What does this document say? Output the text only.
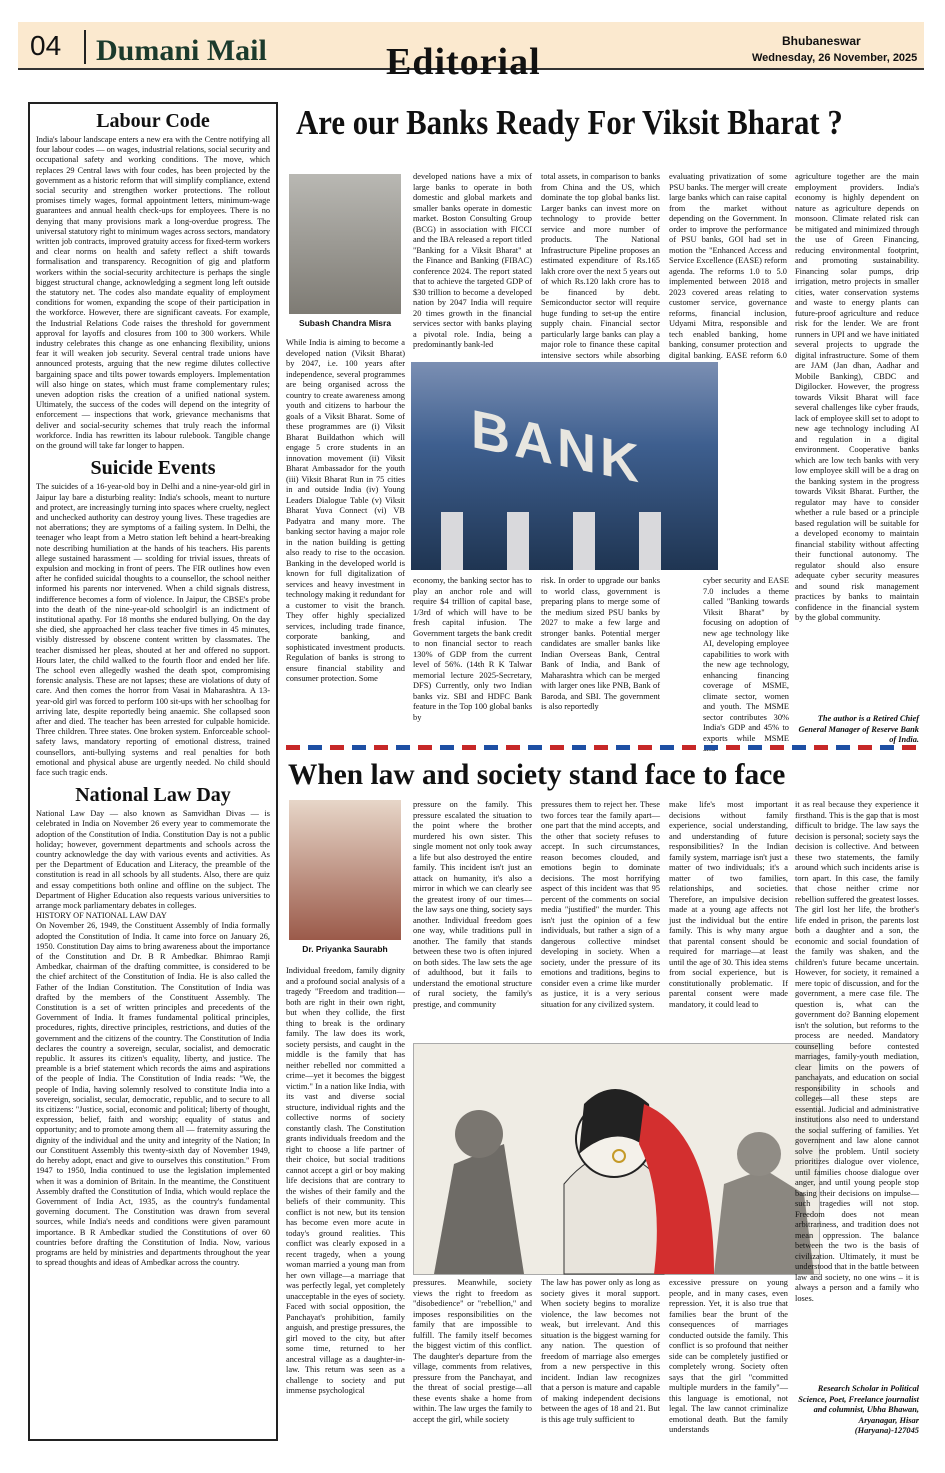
04 Dumani Mail	Editorial	Bhubaneswar
Wednesday, 26 November, 2025
Labour Code
India's labour landscape enters a new era with the Centre notifying all four labour codes — on wages, industrial relations, social security and occupational safety and working conditions. The move, which replaces 29 Central laws with four codes, has been projected by the government as a historic reform that will simplify compliance, extend social security and strengthen worker protections. The rollout promises timely wages, formal appointment letters, minimum-wage guarantees and annual health check-ups for employees. There is no denying that many provisions mark a long-overdue progress. The universal statutory right to minimum wages across sectors, mandatory written job contracts, improved gratuity access for fixed-term workers and clear norms on health and safety reflect a shift towards formalisation and transparency. Recognition of gig and platform workers within the social-security architecture is perhaps the single biggest structural change, acknowledging a segment long left outside the statutory net. The codes also mandate equality of employment conditions for women, expanding the scope of their participation in the workforce. However, there are significant caveats. For example, the Industrial Relations Code raises the threshold for government approval for layoffs and closures from 100 to 300 workers. While industry celebrates this change as one enhancing flexibility, unions fear it will weaken job security. Several central trade unions have announced protests, arguing that the new regime dilutes collective bargaining space and tilts power towards employers. Implementation will also hinge on states, which must frame complementary rules; uneven adoption risks the creation of a unified national system. Ultimately, the success of the codes will depend on the integrity of enforcement — inspections that work, grievance mechanisms that deliver and social-security schemes that truly reach the informal workforce. India has rewritten its labour rulebook. Tangible change on the ground will take far longer to happen.
Suicide Events
The suicides of a 16-year-old boy in Delhi and a nine-year-old girl in Jaipur lay bare a disturbing reality: India's schools, meant to nurture and protect, are increasingly turning into spaces where cruelty, neglect and unchecked authority can destroy young lives. These tragedies are not aberrations; they are symptoms of a failing system. In Delhi, the teenager who leapt from a Metro station left behind a heart-breaking note describing humiliation at the hands of his teachers. His parents allege sustained harassment — scolding for trivial issues, threats of expulsion and mocking in front of peers. The FIR outlines how even after he confided suicidal thoughts to a counsellor, the school neither informed his parents nor intervened. When a child signals distress, indifference becomes a form of violence. In Jaipur, the CBSE's probe into the death of the nine-year-old schoolgirl is an indictment of institutional apathy. For 18 months she endured bullying. On the day she died, she approached her class teacher five times in 45 minutes, visibly distressed by obscene content written by classmates. The teacher dismissed her pleas, shouted at her and offered no support. Hours later, the child walked to the fourth floor and ended her life. The school even allegedly washed the death spot, compromising forensic analysis. These are not lapses; these are violations of duty of care. And then comes the horror from Vasai in Maharashtra. A 13-year-old girl was forced to perform 100 sit-ups with her schoolbag for arriving late, despite reportedly being anaemic. She collapsed soon after and died. The teacher has been arrested for culpable homicide. Three children. Three states. One broken system. Enforceable school-safety laws, mandatory reporting of emotional distress, trained counsellors, anti-bullying systems and real penalties for both emotional and physical abuse are urgently needed. No child should face such tragic ends.
National Law Day
National Law Day — also known as Samvidhan Divas — is celebrated in India on November 26 every year to commemorate the adoption of the Constitution of India. Constitution Day is not a public holiday; however, government departments and schools across the country acknowledge the day with various events and activities. As per the Department of Education and Literacy, the preamble of the constitution is read in all schools by all students. Also, there are quiz and essay competitions both online and offline on the subject. The Department of Higher Education also requests various universities to arrange mock parliamentary debates in colleges.
HISTORY OF NATIONAL LAW DAY
On November 26, 1949, the Constituent Assembly of India formally adopted the Constitution of India. It came into force on January 26, 1950. Constitution Day aims to bring awareness about the importance of the Constitution and Dr. B R Ambedkar. Bhimrao Ramji Ambedkar, chairman of the drafting committee, is considered to be the chief architect of the Constitution of India. He is also called the Father of the Indian Constitution. The Constitution of India was drafted by the members of the Constituent Assembly. The Constitution is a set of written principles and precedents of the Government of India. It frames fundamental political principles, procedures, rights, directive principles, restrictions, and duties of the government and the citizens of the country. The Constitution of India declares the country a sovereign, secular, socialist, and democratic republic. It assures its citizen's equality, liberty, and justice. The preamble is a brief statement which records the aims and aspirations of the people of India. The Constitution of India reads: "We, the people of India, having solemnly resolved to constitute India into a sovereign, socialist, secular, democratic, republic, and to secure to all its citizens: "Justice, social, economic and political; liberty of thought, expression, belief, faith and worship; equality of status and opportunity; and to promote among them all — fraternity assuring the dignity of the individual and the unity and integrity of the Nation; In our Constituent Assembly this twenty-sixth day of November 1949, do hereby adopt, enact and give to ourselves this constitution." From 1947 to 1950, India continued to use the legislation implemented when it was a dominion of Britain. In the meantime, the Constituent Assembly drafted the Constitution of India, which would replace the Government of India Act, 1935, as the country's fundamental governing document. The Constitution was drawn from several sources, while India's needs and conditions were given paramount importance. B R Ambedkar studied the Constitutions of over 60 countries before drafting the Constitution of India. Now, various programs are held by ministries and departments throughout the year to spread thoughts and ideas of Ambedkar across the country.
Are our Banks Ready For Viksit Bharat ?
Subash Chandra Misra
While India is aiming to become a developed nation (Viksit Bharat) by 2047, i.e. 100 years after independence, several programmes are being organised across the country to create awareness among youth and citizens to harbour the goals of a Viksit Bharat. Some of these programmes are (i) Viksit Bharat Buildathon which will engage 5 crore students in an innovation movement (ii) Viksit Bharat Ambassador for the youth (iii) Viksit Bharat Run in 75 cities in and outside India (iv) Young Leaders Dialogue Table (v) Viksit Bharat Yuva Connect (vi) VB Padyatra and many more. The banking sector having a major role in the nation building is getting also ready to rise to the occasion. Banking in the developed world is known for full digitalization of services and heavy investment in technology making it redundant for a customer to visit the branch. They offer highly specialized services, including trade finance, corporate banking, and sophisticated investment products. Regulation of banks is strong to ensure financial stability and consumer protection. Some
developed nations have a mix of large banks to operate in both domestic and global markets and smaller banks operate in domestic market. Boston Consulting Group (BCG) in association with FICCI and the IBA released a report titled "Banking for a Viksit Bharat" at the Finance and Banking (FIBAC) conference 2024. The report stated that to achieve the targeted GDP of $30 trillion to become a developed nation by 2047 India will require 20 times growth in the financial services sector with banks playing a pivotal role. India, being a predominantly bank-led
total assets, in comparison to banks from China and the US, which dominate the top global banks list. Larger banks can invest more on technology to provide better service and more number of products. The National Infrastructure Pipeline proposes an estimated expenditure of Rs.165 lakh crore over the next 5 years out of which Rs.120 lakh crore has to be financed by debt. Semiconductor sector will require huge funding to set-up the entire supply chain. Financial sector particularly large banks can play a major role to finance these capital intensive sectors while absorbing
evaluating privatization of some PSU banks. The merger will create large banks which can raise capital from the market without depending on the Government. In order to improve the performance of PSU banks, GOI had set in motion the "Enhanced Access and Service Excellence (EASE) reform agenda. The reforms 1.0 to 5.0 implemented between 2018 and 2023 covered areas relating to customer service, governance reforms, financial inclusion, Udyami Mitra, responsible and tech enabled banking, home banking, consumer protection and digital banking. EASE reform 6.0
BANK
economy, the banking sector has to play an anchor role and will require $4 trillion of capital base, 1/3rd of which will have to be fresh capital infusion. The Government targets the bank credit to non financial sector to reach 130% of GDP from the current level of 56%. (14th R K Talwar memorial lecture 2025-Secretary, DFS) Currently, only two Indian banks viz. SBI and HDFC Bank feature in the Top 100 global banks by
risk. In order to upgrade our banks to world class, government is preparing plans to merge some of the medium sized PSU banks by 2027 to make a few large and stronger banks. Potential merger candidates are smaller banks like Indian Overseas Bank, Central Bank of India, and Bank of Maharashtra which can be merged with larger ones like PNB, Bank of Baroda, and SBI. The government is also reportedly
cyber security and EASE 7.0 includes a theme called "Banking towards Viksit Bharat" by focusing on adoption of new age technology like AI, developing employee capabilities to work with the new age technology, enhancing financing coverage of MSME, climate sector, women and youth. The MSME sector contributes 30% India's GDP and 45% to exports while MSME
agriculture together are the main employment providers. India's economy is highly dependent on nature as agriculture depends on monsoon. Climate related risk can be mitigated and minimized through the use of Green Financing, reducing environmental footprint, and promoting sustainability. Financing solar pumps, drip irrigation, metro projects in smaller cities, water conservation systems and waste to energy plants can future-proof agriculture and reduce risk for the lender. We are front runners in UPI and we have initiated several projects to upgrade the digital infrastructure. Some of them are JAM (Jan dhan, Aadhar and Mobile Banking), CBDC and Digilocker. However, the progress towards Viksit Bharat will face several challenges like cyber frauds, lack of employee skill set to adopt to new age technology including AI and regulation in a digital environment. Cooperative banks which are low tech banks with very low employee skill will be a drag on the banking system in the progress towards Viksit Bharat. Further, the regulator may have to consider whether a rule based or a principle based regulation will be suitable for a developed economy to maintain financial stability without affecting their functional autonomy. The regulator should also ensure adequate cyber security measures and sound risk management practices by banks to maintain confidence in the financial system by the global community.
The author is a Retired Chief General Manager of Reserve Bank of India.
When law and society stand face to face
Dr. Priyanka Saurabh
Individual freedom, family dignity and a profound social analysis of a tragedy "Freedom and tradition—both are right in their own right, but when they collide, the first thing to break is the ordinary family. The law does its work, society persists, and caught in the middle is the family that has neither rebelled nor committed a crime—yet it becomes the biggest victim." In a nation like India, with its vast and diverse social structure, individual rights and the collective norms of society constantly clash. The Constitution grants individuals freedom and the right to choose a life partner of their choice, but social traditions cannot accept a girl or boy making life decisions that are contrary to the wishes of their family and the beliefs of their community. This conflict is not new, but its tension has become even more acute in today's ground realities. This conflict was clearly exposed in a recent tragedy, when a young woman married a young man from her own village—a marriage that was perfectly legal, yet completely unacceptable in the eyes of society. Faced with social opposition, the Panchayat's prohibition, family anguish, and prestige pressures, the girl moved to the city, but after some time, returned to her ancestral village as a daughter-in-law. This return was seen as a challenge to society and put immense psychological
pressure on the family. This pressure escalated the situation to the point where the brother murdered his own sister. This single moment not only took away a life but also destroyed the entire family. This incident isn't just an attack on humanity, it's also a mirror in which we can clearly see the greatest irony of our times—the law says one thing, society says another. Individual freedom goes one way, while traditions pull in another. The family that stands between these two is often injured on both sides. The law sets the age of adulthood, but it fails to understand the emotional structure of rural society, the family's prestige, and community
pressures them to reject her. These two forces tear the family apart—one part that the mind accepts, and the other that society refuses to accept. In such circumstances, reason becomes clouded, and emotions begin to dominate decisions. The most horrifying aspect of this incident was that 95 percent of the comments on social media "justified" the murder. This isn't just the opinion of a few individuals, but rather a sign of a dangerous collective mindset developing in society. When a society, under the pressure of its emotions and traditions, begins to consider even a crime like murder as justice, it is a very serious situation for any civilized system.
make life's most important decisions without family experience, social understanding, and understanding of future responsibilities? In the Indian family system, marriage isn't just a matter of two individuals; it's a matter of two families, relationships, and societies. Therefore, an impulsive decision made at a young age affects not just the individual but the entire family. This is why many argue that parental consent should be required for marriage—at least until the age of 30. This idea stems from social experience, but is constitutionally problematic. If parental consent were made mandatory, it could lead to
pressures. Meanwhile, society views the right to freedom as "disobedience" or "rebellion," and imposes responsibilities on the family that are impossible to fulfill. The family itself becomes the biggest victim of this conflict. The daughter's departure from the village, comments from relatives, pressure from the Panchayat, and the threat of social prestige—all these events shake a home from within. The law urges the family to accept the girl, while society
The law has power only as long as society gives it moral support. When society begins to moralize violence, the law becomes not weak, but irrelevant. And this situation is the biggest warning for any nation. The question of freedom of marriage also emerges from a new perspective in this incident. Indian law recognizes that a person is mature and capable of making independent decisions between the ages of 18 and 21. But is this age truly sufficient to
excessive pressure on young people, and in many cases, even repression. Yet, it is also true that families bear the brunt of the consequences of marriages conducted outside the family. This conflict is so profound that neither side can be completely justified or completely wrong. Society often says that the girl "committed multiple murders in the family"—this language is emotional, not legal. The law cannot criminalize emotional death. But the family understands
it as real because they experience it firsthand. This is the gap that is most difficult to bridge. The law says the decision is personal; society says the decision is collective. And between these two statements, the family around which such incidents arise is torn apart. In this case, the family that chose neither crime nor rebellion suffered the greatest losses. The girl lost her life, the brother's life ended in prison, the parents lost both a daughter and a son, the economic and social foundation of the family was shaken, and the children's future became uncertain. However, for society, it remained a mere topic of discussion, and for the government, a mere case file. The question is, what can the government do? Banning elopement isn't the solution, but reforms to the process are needed. Mandatory counselling before contested marriages, family-youth mediation, clear limits on the powers of panchayats, and education on social responsibility in schools and colleges—all these steps are essential. Judicial and administrative institutions also need to understand the social suffering of families. Yet government and law alone cannot solve the problem. Until society prioritizes dialogue over violence, until families choose dialogue over anger, and until young people stop basing their decisions on impulse—such tragedies will not stop. Freedom does not mean arbitrariness, and tradition does not mean oppression. The balance between the two is the basis of civilization. Ultimately, it must be understood that in the battle between law and society, no one wins – it is always a person and a family who loses.
Research Scholar in Political Science, Poet, Freelance journalist and columnist, Ubha Bhawan, Aryanagar, Hisar (Haryana)-127045
